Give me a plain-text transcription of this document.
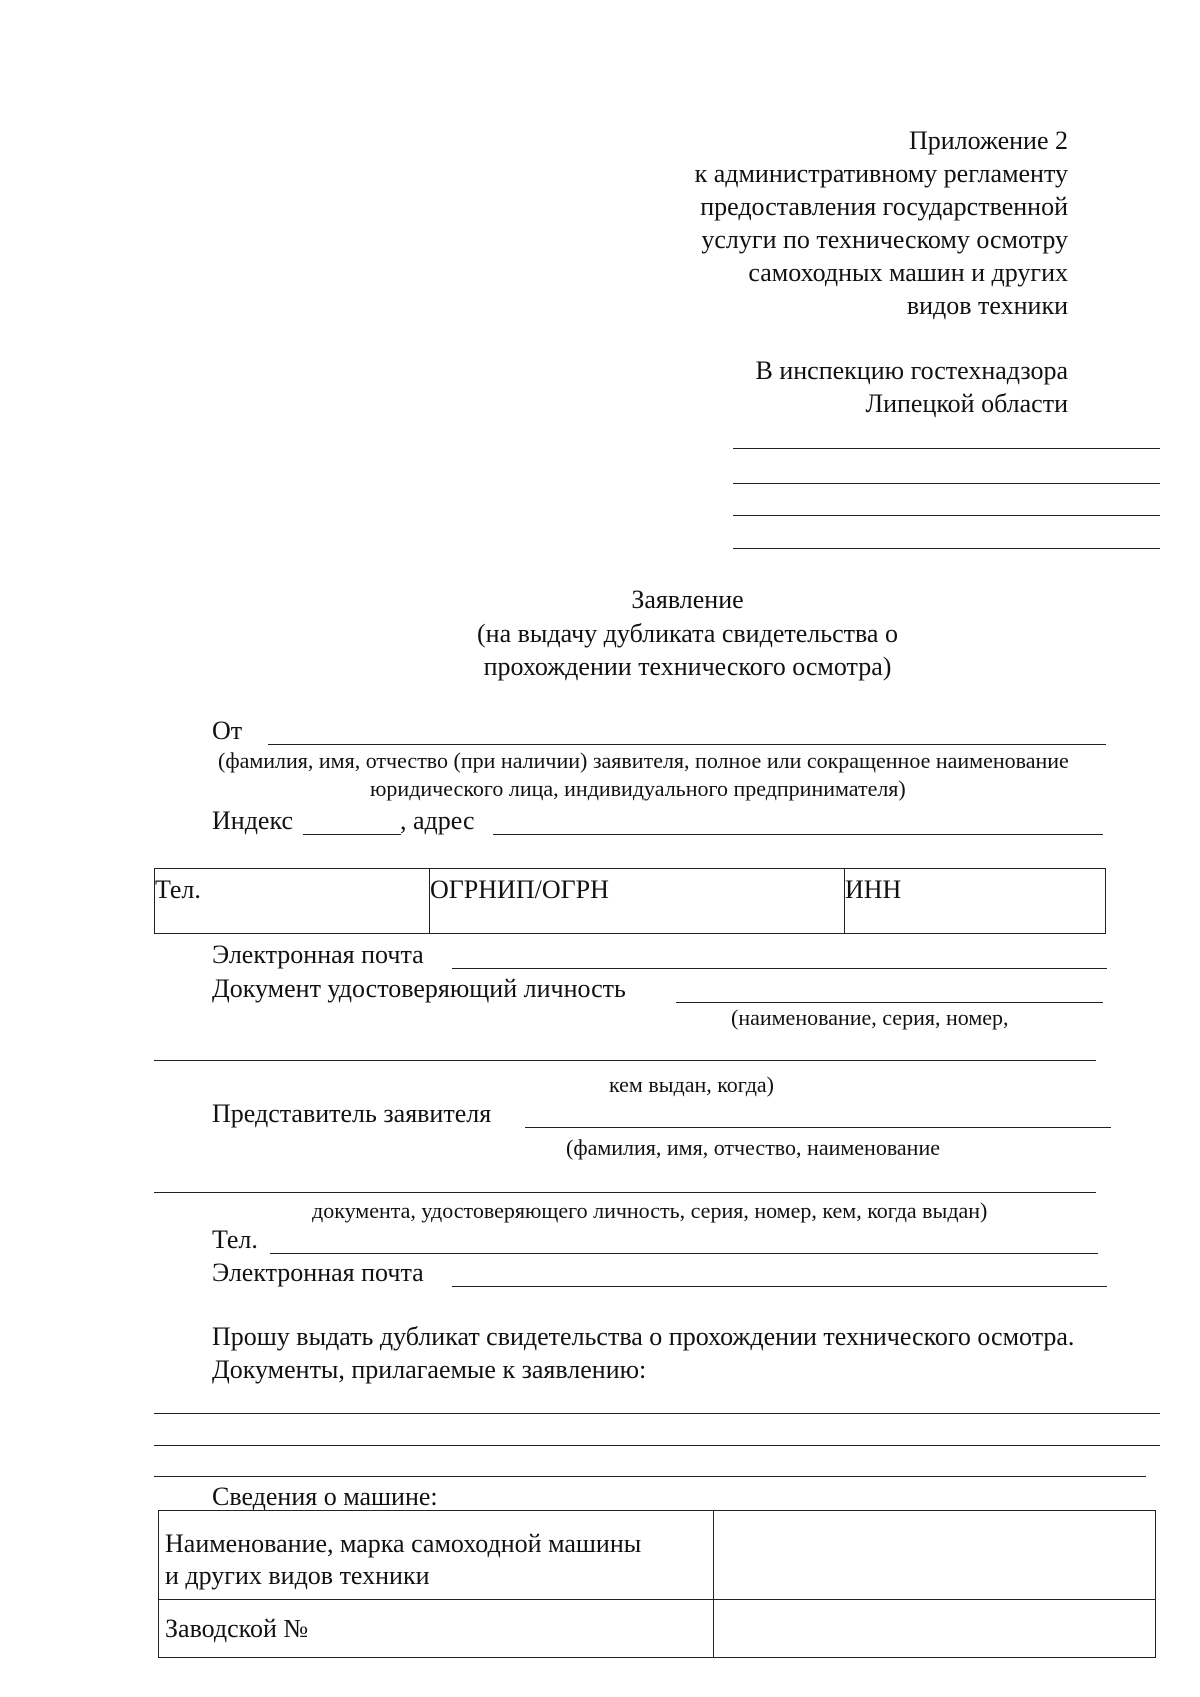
Приложение 2
к административному регламенту
предоставления государственной
услуги по техническому осмотру
самоходных машин и других
видов техники
В инспекцию гостехнадзора
Липецкой области
Заявление
(на выдачу дубликата свидетельства о
прохождении технического осмотра)
От
(фамилия, имя, отчество (при наличии) заявителя, полное или сокращенное наименование
юридического лица, индивидуального предпринимателя)
Индекс	, адрес
Тел.	ОГРНИП/ОГРН	ИНН
Электронная почта
Документ удостоверяющий личность
(наименование, серия, номер,
кем выдан, когда)
Представитель заявителя
(фамилия, имя, отчество, наименование
документа, удостоверяющего личность, серия, номер, кем, когда выдан)
Тел.
Электронная почта
Прошу выдать дубликат свидетельства о прохождении технического осмотра.
Документы, прилагаемые к заявлению:
Сведения о машине:
Наименование, марка самоходной машины
и других видов техники	

Заводской №	
